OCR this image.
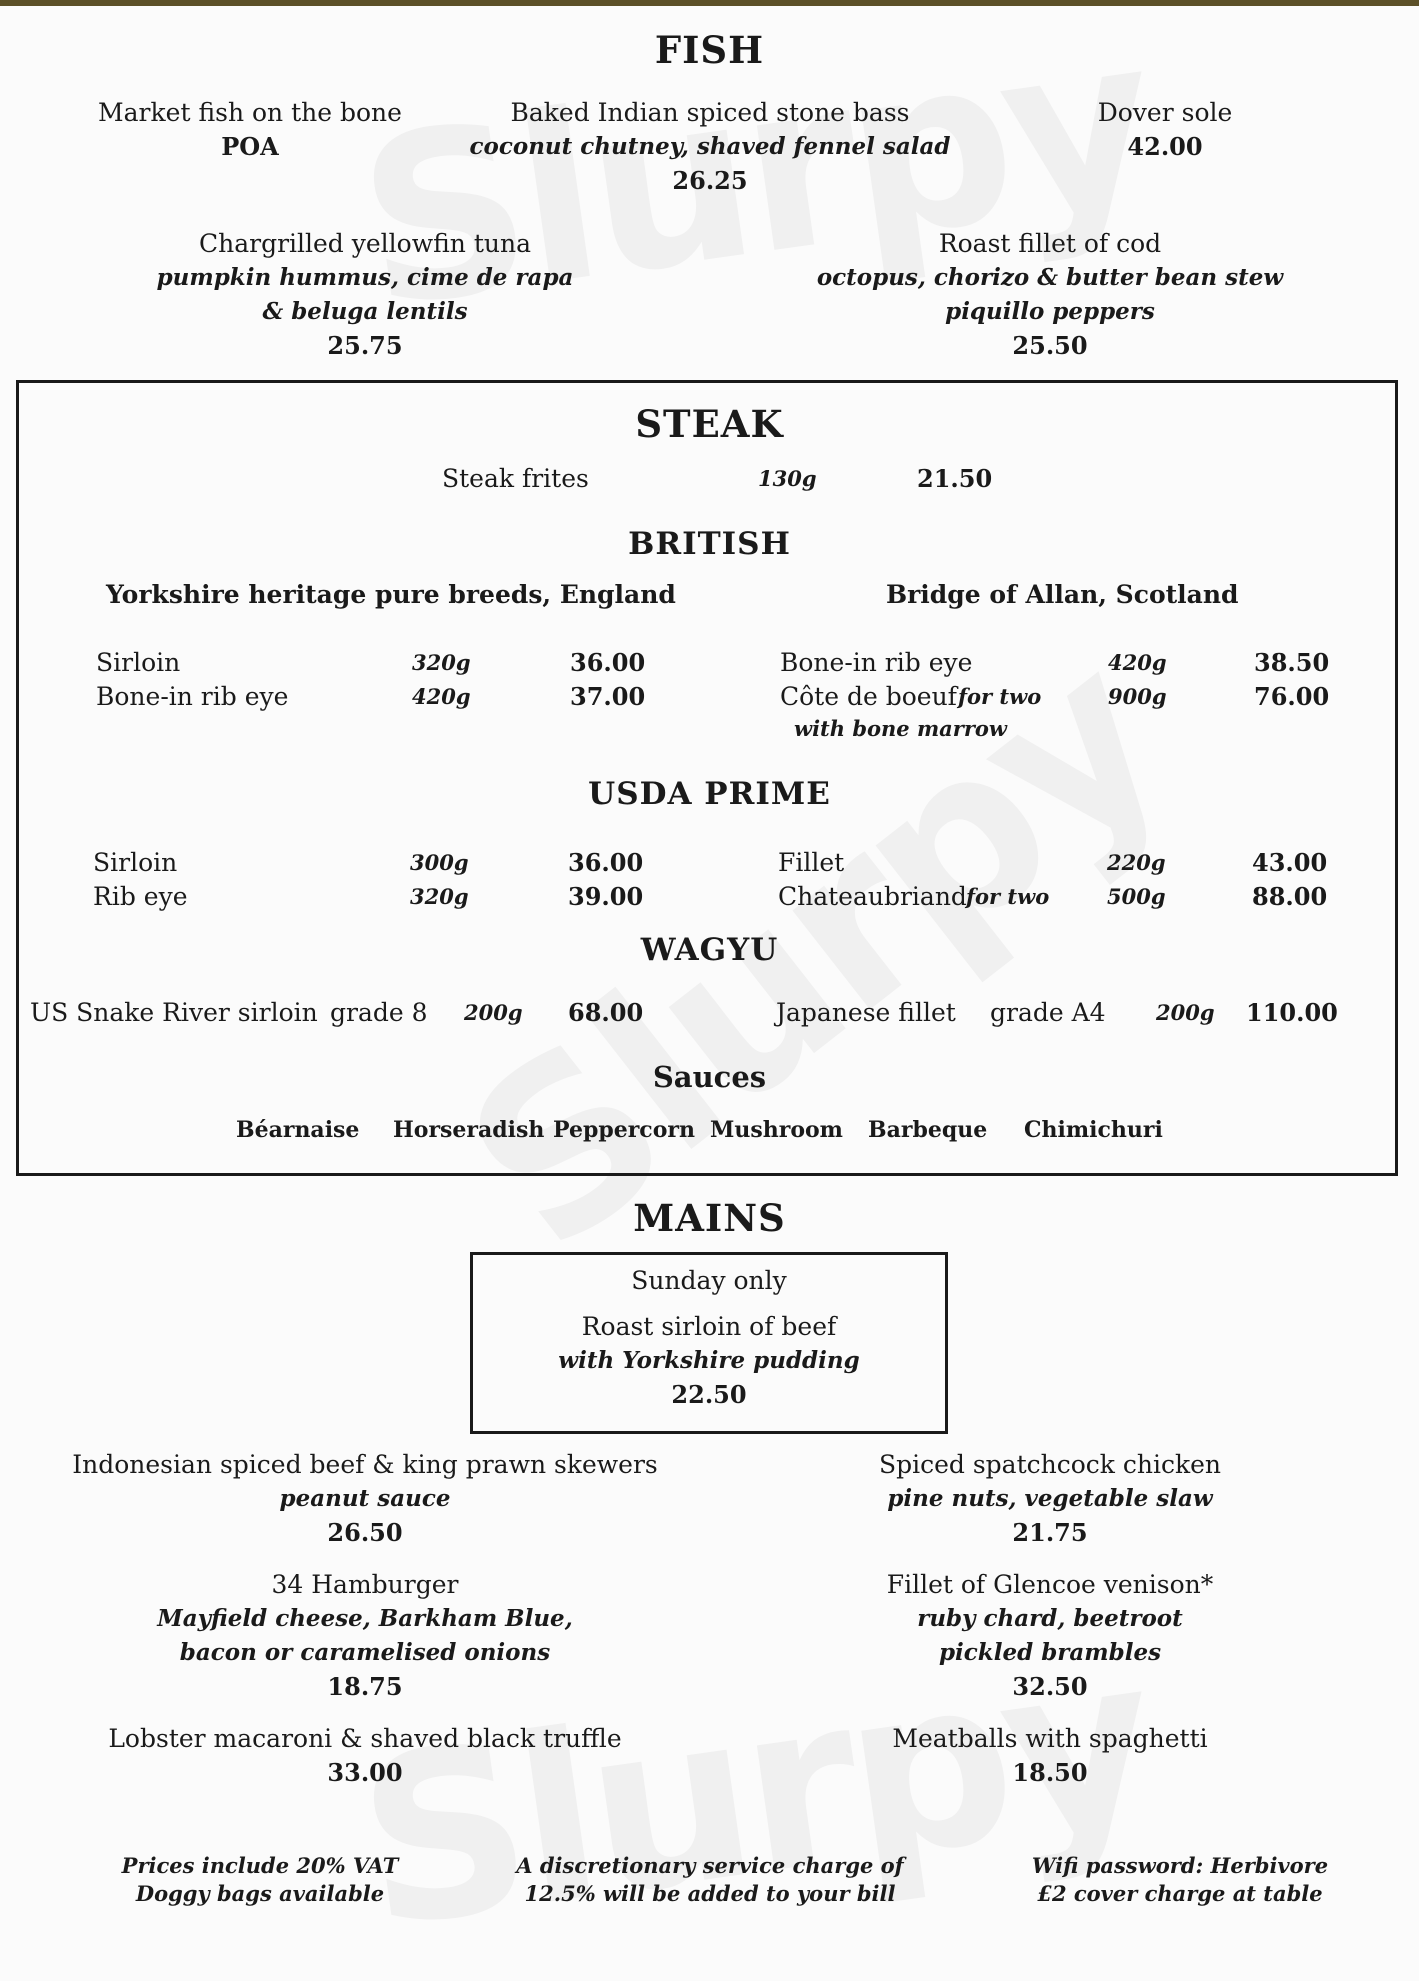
FISH
Market fish on the bone
POA
Baked Indian spiced stone bass
coconut chutney, shaved fennel salad
26.25
Dover sole
42.00
Chargrilled yellowfin tuna
pumpkin hummus, cime de rapa
& beluga lentils
25.75
Roast fillet of cod
octopus, chorizo & butter bean stew
piquillo peppers
25.50
STEAK
Steak frites	130g	21.50
BRITISH
Yorkshire heritage pure breeds, England	Bridge of Allan, Scotland
Sirloin	320g	36.00
Bone-in rib eye	420g	37.00
Bone-in rib eye	420g	38.50
Côte de boeuf for two	900g	76.00
with bone marrow
USDA PRIME
Sirloin	300g	36.00
Rib eye	320g	39.00
Fillet	220g	43.00
Chateaubriand for two	500g	88.00
WAGYU
US Snake River sirloin grade 8 200g 68.00	Japanese fillet grade A4 200g 110.00
Sauces
Béarnaise Horseradish Peppercorn Mushroom Barbeque Chimichuri
MAINS
Sunday only
Roast sirloin of beef
with Yorkshire pudding
22.50
Indonesian spiced beef & king prawn skewers
peanut sauce
26.50
Spiced spatchcock chicken
pine nuts, vegetable slaw
21.75
34 Hamburger
Mayfield cheese, Barkham Blue,
bacon or caramelised onions
18.75
Fillet of Glencoe venison*
ruby chard, beetroot
pickled brambles
32.50
Lobster macaroni & shaved black truffle
33.00
Meatballs with spaghetti
18.50
Prices include 20% VAT
Doggy bags available
A discretionary service charge of
12.5% will be added to your bill
Wifi password: Herbivore
£2 cover charge at table
